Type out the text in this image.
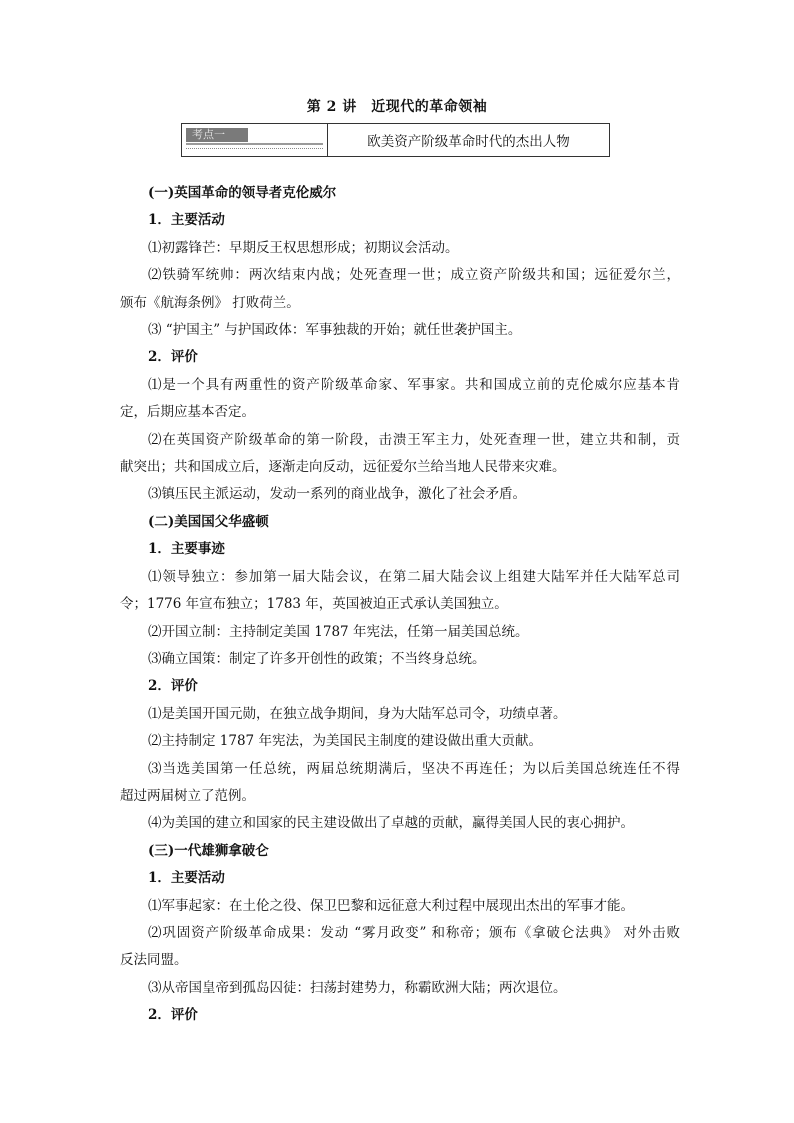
第 2 讲　近现代的革命领袖
考点一	欧美资产阶级革命时代的杰出人物

(一)英国革命的领导者克伦威尔

1．主要活动

⑴初露锋芒：早期反王权思想形成；初期议会活动。

⑵铁骑军统帅：两次结束内战；处死查理一世；成立资产阶级共和国；远征爱尔兰，

颁布《航海条例》 打败荷兰。

⑶ “护国主” 与护国政体：军事独裁的开始；就任世袭护国主。

2．评价

⑴是一个具有两重性的资产阶级革命家、军事家。共和国成立前的克伦威尔应基本肯

定，后期应基本否定。

⑵在英国资产阶级革命的第一阶段，击溃王军主力，处死查理一世，建立共和制，贡

献突出；共和国成立后，逐渐走向反动，远征爱尔兰给当地人民带来灾难。

⑶镇压民主派运动，发动一系列的商业战争，激化了社会矛盾。

(二)美国国父华盛顿

1．主要事迹

⑴领导独立：参加第一届大陆会议，在第二届大陆会议上组建大陆军并任大陆军总司

令；1776 年宣布独立；1783 年，英国被迫正式承认美国独立。

⑵开国立制：主持制定美国 1787 年宪法，任第一届美国总统。

⑶确立国策：制定了许多开创性的政策；不当终身总统。

2．评价

⑴是美国开国元勋，在独立战争期间，身为大陆军总司令，功绩卓著。

⑵主持制定 1787 年宪法，为美国民主制度的建设做出重大贡献。

⑶当选美国第一任总统，两届总统期满后，坚决不再连任；为以后美国总统连任不得

超过两届树立了范例。

⑷为美国的建立和国家的民主建设做出了卓越的贡献，赢得美国人民的衷心拥护。

(三)一代雄狮拿破仑

1．主要活动

⑴军事起家：在土伦之役、保卫巴黎和远征意大利过程中展现出杰出的军事才能。

⑵巩固资产阶级革命成果：发动 “雾月政变” 和称帝；颁布《拿破仑法典》 对外击败

反法同盟。

⑶从帝国皇帝到孤岛囚徒：扫荡封建势力，称霸欧洲大陆；两次退位。

2．评价
